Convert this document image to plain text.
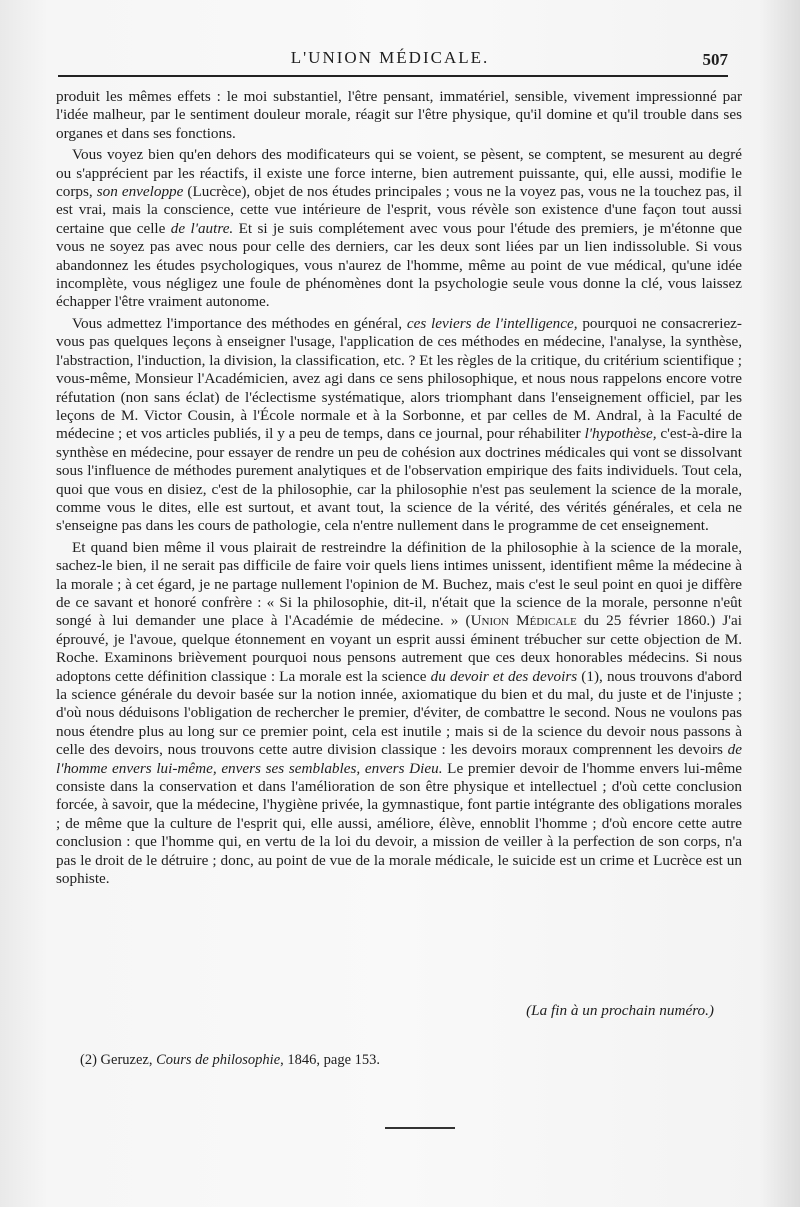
L'UNION MÉDICALE.	507

produit les mêmes effets : le moi substantiel, l'être pensant, immatériel, sensible, vivement impressionné par l'idée malheur, par le sentiment douleur morale, réagit sur l'être physique, qu'il domine et qu'il trouble dans ses organes et dans ses fonctions.

Vous voyez bien qu'en dehors des modificateurs qui se voient, se pèsent, se comptent, se mesurent au degré ou s'apprécient par les réactifs, il existe une force interne, bien autrement puissante, qui, elle aussi, modifie le corps, son enveloppe (Lucrèce), objet de nos études principales ; vous ne la voyez pas, vous ne la touchez pas, il est vrai, mais la conscience, cette vue intérieure de l'esprit, vous révèle son existence d'une façon tout aussi certaine que celle de l'autre. Et si je suis complétement avec vous pour l'étude des premiers, je m'étonne que vous ne soyez pas avec nous pour celle des derniers, car les deux sont liées par un lien indissoluble. Si vous abandonnez les études psychologiques, vous n'aurez de l'homme, même au point de vue médical, qu'une idée incomplète, vous négligez une foule de phénomènes dont la psychologie seule vous donne la clé, vous laissez échapper l'être vraiment autonome.

Vous admettez l'importance des méthodes en général, ces leviers de l'intelligence, pourquoi ne consacreriez-vous pas quelques leçons à enseigner l'usage, l'application de ces méthodes en médecine, l'analyse, la synthèse, l'abstraction, l'induction, la division, la classification, etc. ? Et les règles de la critique, du critérium scientifique ; vous-même, Monsieur l'Académicien, avez agi dans ce sens philosophique, et nous nous rappelons encore votre réfutation (non sans éclat) de l'éclectisme systématique, alors triomphant dans l'enseignement officiel, par les leçons de M. Victor Cousin, à l'École normale et à la Sorbonne, et par celles de M. Andral, à la Faculté de médecine ; et vos articles publiés, il y a peu de temps, dans ce journal, pour réhabiliter l'hypothèse, c'est-à-dire la synthèse en médecine, pour essayer de rendre un peu de cohésion aux doctrines médicales qui vont se dissolvant sous l'influence de méthodes purement analytiques et de l'observation empirique des faits individuels. Tout cela, quoi que vous en disiez, c'est de la philosophie, car la philosophie n'est pas seulement la science de la morale, comme vous le dites, elle est surtout, et avant tout, la science de la vérité, des vérités générales, et cela ne s'enseigne pas dans les cours de pathologie, cela n'entre nullement dans le programme de cet enseignement.

Et quand bien même il vous plairait de restreindre la définition de la philosophie à la science de la morale, sachez-le bien, il ne serait pas difficile de faire voir quels liens intimes unissent, identifient même la médecine à la morale ; à cet égard, je ne partage nullement l'opinion de M. Buchez, mais c'est le seul point en quoi je diffère de ce savant et honoré confrère : « Si la philosophie, dit-il, n'était que la science de la morale, personne n'eût songé à lui demander une place à l'Académie de médecine. » (Union Médicale du 25 février 1860.) J'ai éprouvé, je l'avoue, quelque étonnement en voyant un esprit aussi éminent trébucher sur cette objection de M. Roche. Examinons brièvement pourquoi nous pensons autrement que ces deux honorables médecins. Si nous adoptons cette définition classique : La morale est la science du devoir et des devoirs (1), nous trouvons d'abord la science générale du devoir basée sur la notion innée, axiomatique du bien et du mal, du juste et de l'injuste ; d'où nous déduisons l'obligation de rechercher le premier, d'éviter, de combattre le second. Nous ne voulons pas nous étendre plus au long sur ce premier point, cela est inutile ; mais si de la science du devoir nous passons à celle des devoirs, nous trouvons cette autre division classique : les devoirs moraux comprennent les devoirs de l'homme envers lui-même, envers ses semblables, envers Dieu. Le premier devoir de l'homme envers lui-même consiste dans la conservation et dans l'amélioration de son être physique et intellectuel ; d'où cette conclusion forcée, à savoir, que la médecine, l'hygiène privée, la gymnastique, font partie intégrante des obligations morales ; de même que la culture de l'esprit qui, elle aussi, améliore, élève, ennoblit l'homme ; d'où encore cette autre conclusion : que l'homme qui, en vertu de la loi du devoir, a mission de veiller à la perfection de son corps, n'a pas le droit de le détruire ; donc, au point de vue de la morale médicale, le suicide est un crime et Lucrèce est un sophiste.

(La fin à un prochain numéro.)
(2) Geruzez, Cours de philosophie, 1846, page 153.
